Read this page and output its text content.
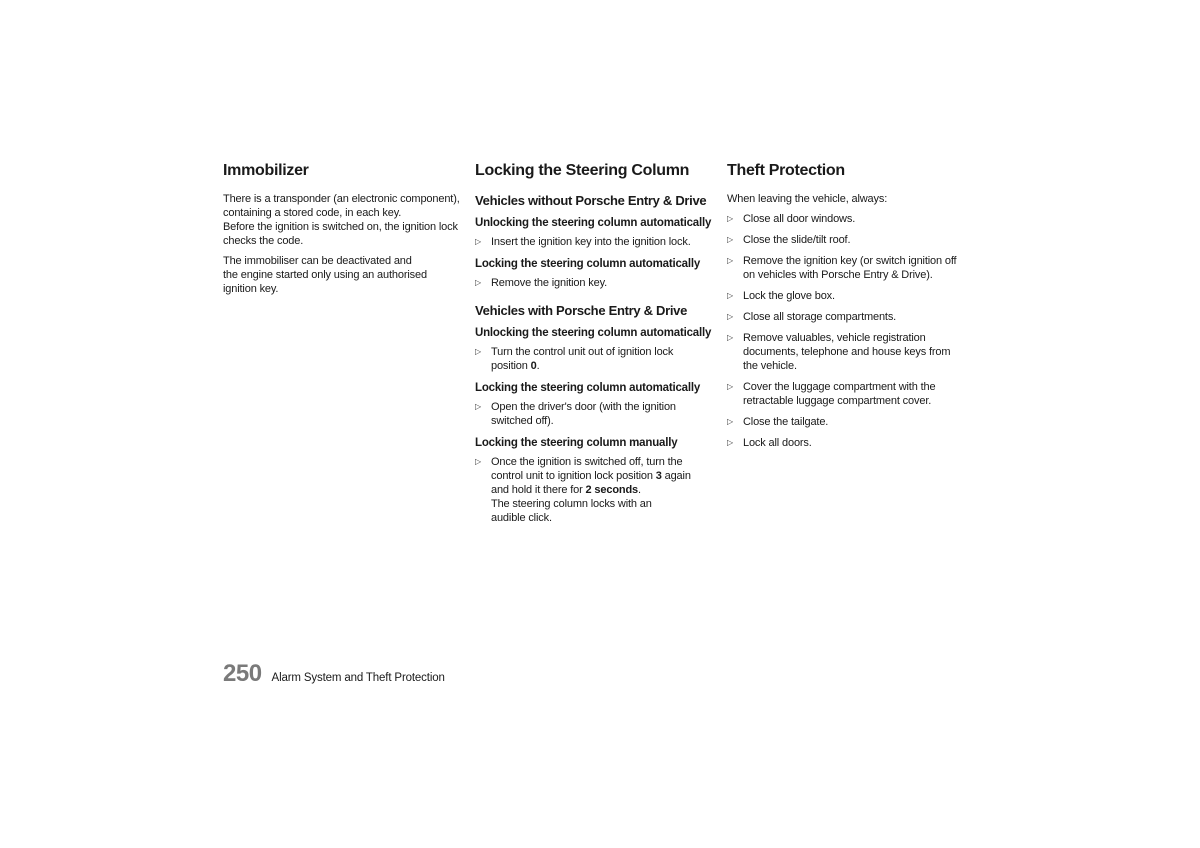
Immobilizer

There is a transponder (an electronic component),
containing a stored code, in each key.
Before the ignition is switched on, the ignition lock
checks the code.

The immobiliser can be deactivated and
the engine started only using an authorised
ignition key.

Locking the Steering Column
Vehicles without Porsche Entry & Drive
Unlocking the steering column automatically
▷ Insert the ignition key into the ignition lock.
Locking the steering column automatically
▷ Remove the ignition key.
Vehicles with Porsche Entry & Drive
Unlocking the steering column automatically
▷ Turn the control unit out of ignition lock
position 0.
Locking the steering column automatically
▷ Open the driver's door (with the ignition
switched off).
Locking the steering column manually
▷ Once the ignition is switched off, turn the
control unit to ignition lock position 3 again
and hold it there for 2 seconds.
The steering column locks with an
audible click.
Theft Protection

When leaving the vehicle, always:

▷ Close all door windows.
▷ Close the slide/tilt roof.
▷ Remove the ignition key (or switch ignition off
on vehicles with Porsche Entry & Drive).
▷ Lock the glove box.
▷ Close all storage compartments.
▷ Remove valuables, vehicle registration
documents, telephone and house keys from
the vehicle.
▷ Cover the luggage compartment with the
retractable luggage compartment cover.
▷ Close the tailgate.
▷ Lock all doors.
250 Alarm System and Theft Protection
